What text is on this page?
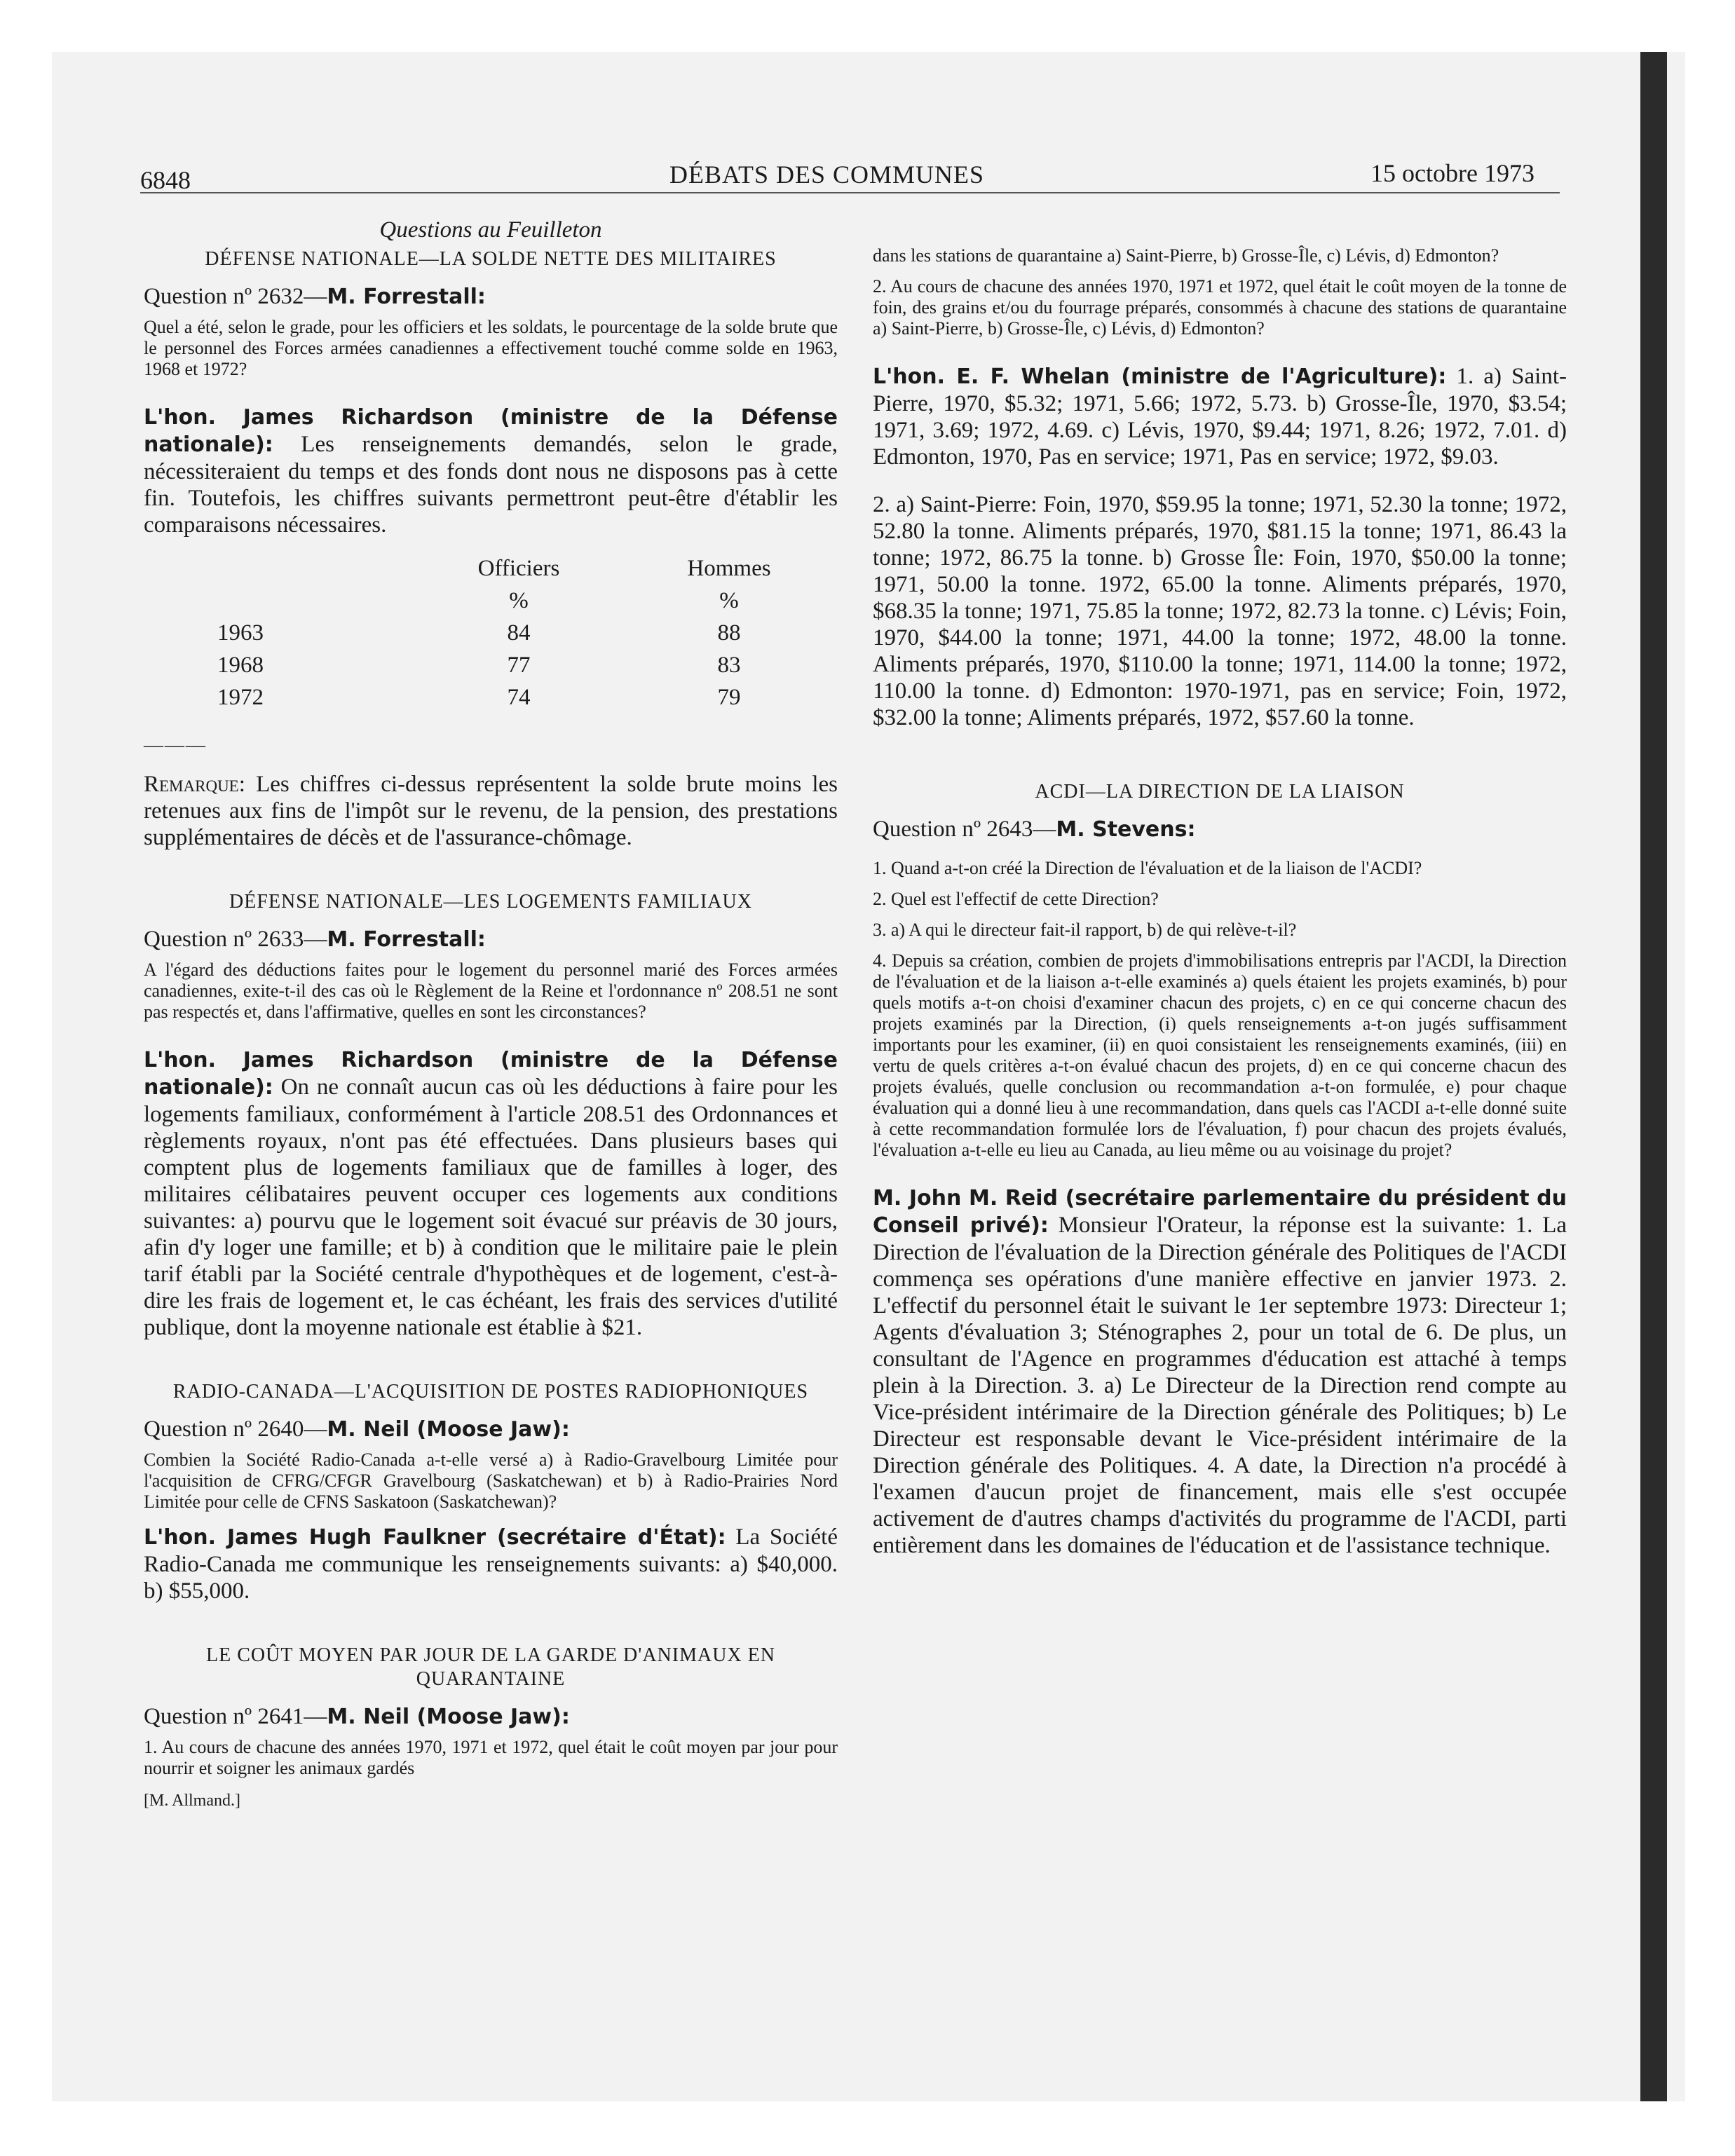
6848	DÉBATS DES COMMUNES	15 octobre 1973
Questions au Feuilleton
DÉFENSE NATIONALE—LA SOLDE NETTE DES MILITAIRES
Question nº 2632—M. Forrestall:

Quel a été, selon le grade, pour les officiers et les soldats, le pourcentage de la solde brute que le personnel des Forces armées canadiennes a effectivement touché comme solde en 1963, 1968 et 1972?

L'hon. James Richardson (ministre de la Défense nationale): Les renseignements demandés, selon le grade, nécessiteraient du temps et des fonds dont nous ne disposons pas à cette fin. Toutefois, les chiffres suivants permettront peut-être d'établir les comparaisons nécessaires.

	Officiers	Hommes
	%	%
1963	84	88
1968	77	83
1972	74	79
———

Remarque: Les chiffres ci-dessus représentent la solde brute moins les retenues aux fins de l'impôt sur le revenu, de la pension, des prestations supplémentaires de décès et de l'assurance-chômage.

DÉFENSE NATIONALE—LES LOGEMENTS FAMILIAUX
Question nº 2633—M. Forrestall:

A l'égard des déductions faites pour le logement du personnel marié des Forces armées canadiennes, exite-t-il des cas où le Règlement de la Reine et l'ordonnance nº 208.51 ne sont pas respectés et, dans l'affirmative, quelles en sont les circonstances?

L'hon. James Richardson (ministre de la Défense nationale): On ne connaît aucun cas où les déductions à faire pour les logements familiaux, conformément à l'article 208.51 des Ordonnances et règlements royaux, n'ont pas été effectuées. Dans plusieurs bases qui comptent plus de logements familiaux que de familles à loger, des militaires célibataires peuvent occuper ces logements aux conditions suivantes: a) pourvu que le logement soit évacué sur préavis de 30 jours, afin d'y loger une famille; et b) à condition que le militaire paie le plein tarif établi par la Société centrale d'hypothèques et de logement, c'est-à-dire les frais de logement et, le cas échéant, les frais des services d'utilité publique, dont la moyenne nationale est établie à $21.

RADIO-CANADA—L'ACQUISITION DE POSTES RADIOPHONIQUES
Question nº 2640—M. Neil (Moose Jaw):

Combien la Société Radio-Canada a-t-elle versé a) à Radio-Gravelbourg Limitée pour l'acquisition de CFRG/CFGR Gravelbourg (Saskatchewan) et b) à Radio-Prairies Nord Limitée pour celle de CFNS Saskatoon (Saskatchewan)?

L'hon. James Hugh Faulkner (secrétaire d'État): La Société Radio-Canada me communique les renseignements suivants: a) $40,000. b) $55,000.

LE COÛT MOYEN PAR JOUR DE LA GARDE D'ANIMAUX EN QUARANTAINE
Question nº 2641—M. Neil (Moose Jaw):

1. Au cours de chacune des années 1970, 1971 et 1972, quel était le coût moyen par jour pour nourrir et soigner les animaux gardés

[M. Allmand.]

dans les stations de quarantaine a) Saint-Pierre, b) Grosse-Île, c) Lévis, d) Edmonton?

2. Au cours de chacune des années 1970, 1971 et 1972, quel était le coût moyen de la tonne de foin, des grains et/ou du fourrage préparés, consommés à chacune des stations de quarantaine a) Saint-Pierre, b) Grosse-Île, c) Lévis, d) Edmonton?

L'hon. E. F. Whelan (ministre de l'Agriculture): 1. a) Saint-Pierre, 1970, $5.32; 1971, 5.66; 1972, 5.73. b) Grosse-Île, 1970, $3.54; 1971, 3.69; 1972, 4.69. c) Lévis, 1970, $9.44; 1971, 8.26; 1972, 7.01. d) Edmonton, 1970, Pas en service; 1971, Pas en service; 1972, $9.03.

2. a) Saint-Pierre: Foin, 1970, $59.95 la tonne; 1971, 52.30 la tonne; 1972, 52.80 la tonne. Aliments préparés, 1970, $81.15 la tonne; 1971, 86.43 la tonne; 1972, 86.75 la tonne. b) Grosse Île: Foin, 1970, $50.00 la tonne; 1971, 50.00 la tonne. 1972, 65.00 la tonne. Aliments préparés, 1970, $68.35 la tonne; 1971, 75.85 la tonne; 1972, 82.73 la tonne. c) Lévis; Foin, 1970, $44.00 la tonne; 1971, 44.00 la tonne; 1972, 48.00 la tonne. Aliments préparés, 1970, $110.00 la tonne; 1971, 114.00 la tonne; 1972, 110.00 la tonne. d) Edmonton: 1970-1971, pas en service; Foin, 1972, $32.00 la tonne; Aliments préparés, 1972, $57.60 la tonne.

ACDI—LA DIRECTION DE LA LIAISON
Question nº 2643—M. Stevens:

1. Quand a-t-on créé la Direction de l'évaluation et de la liaison de l'ACDI?

2. Quel est l'effectif de cette Direction?

3. a) A qui le directeur fait-il rapport, b) de qui relève-t-il?

4. Depuis sa création, combien de projets d'immobilisations entrepris par l'ACDI, la Direction de l'évaluation et de la liaison a-t-elle examinés a) quels étaient les projets examinés, b) pour quels motifs a-t-on choisi d'examiner chacun des projets, c) en ce qui concerne chacun des projets examinés par la Direction, (i) quels renseignements a-t-on jugés suffisamment importants pour les examiner, (ii) en quoi consistaient les renseignements examinés, (iii) en vertu de quels critères a-t-on évalué chacun des projets, d) en ce qui concerne chacun des projets évalués, quelle conclusion ou recommandation a-t-on formulée, e) pour chaque évaluation qui a donné lieu à une recommandation, dans quels cas l'ACDI a-t-elle donné suite à cette recommandation formulée lors de l'évaluation, f) pour chacun des projets évalués, l'évaluation a-t-elle eu lieu au Canada, au lieu même ou au voisinage du projet?

M. John M. Reid (secrétaire parlementaire du président du Conseil privé): Monsieur l'Orateur, la réponse est la suivante: 1. La Direction de l'évaluation de la Direction générale des Politiques de l'ACDI commença ses opérations d'une manière effective en janvier 1973. 2. L'effectif du personnel était le suivant le 1er septembre 1973: Directeur 1; Agents d'évaluation 3; Sténographes 2, pour un total de 6. De plus, un consultant de l'Agence en programmes d'éducation est attaché à temps plein à la Direction. 3. a) Le Directeur de la Direction rend compte au Vice-président intérimaire de la Direction générale des Politiques; b) Le Directeur est responsable devant le Vice-président intérimaire de la Direction générale des Politiques. 4. A date, la Direction n'a procédé à l'examen d'aucun projet de financement, mais elle s'est occupée activement de d'autres champs d'activités du programme de l'ACDI, parti entièrement dans les domaines de l'éducation et de l'assistance technique.
